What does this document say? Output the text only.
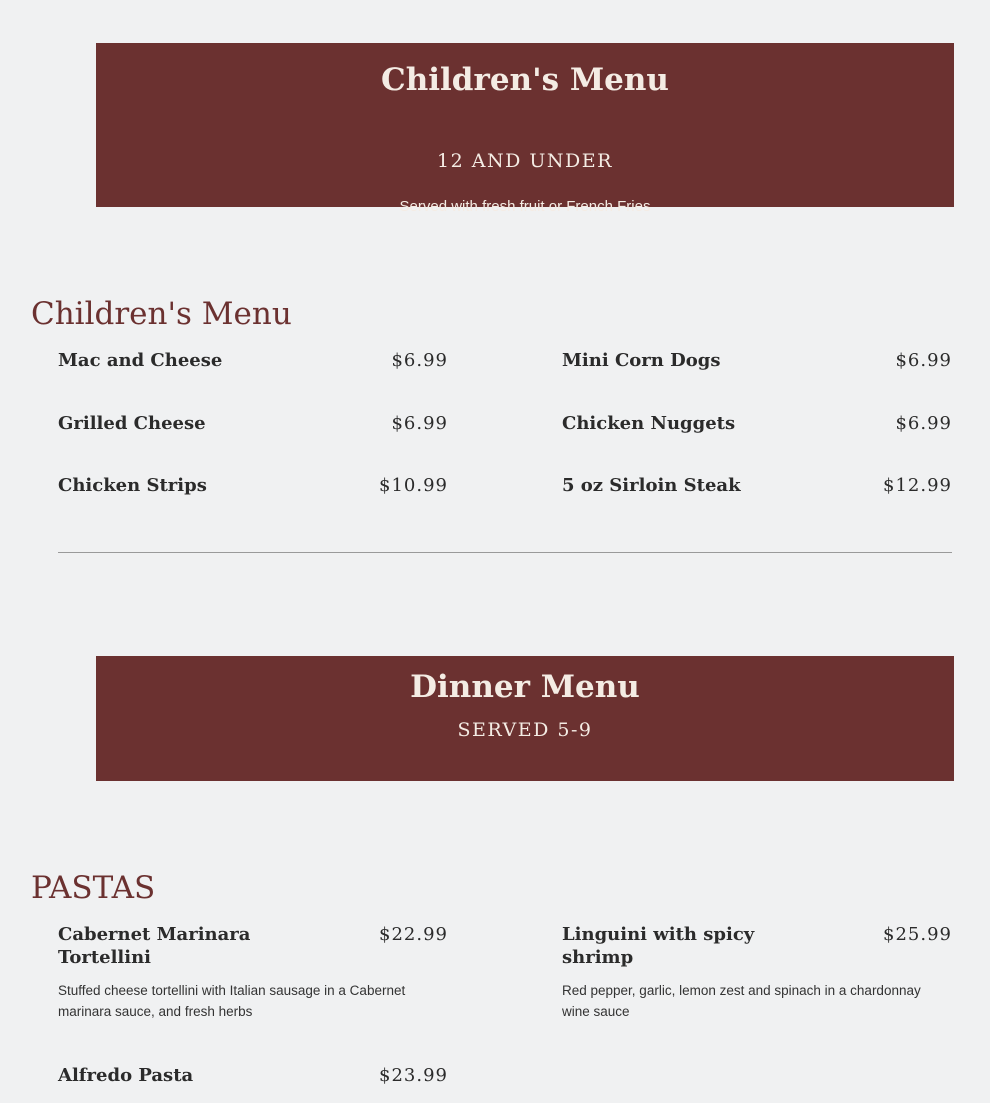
Children's Menu
12 AND UNDER
Served with fresh fruit or French Fries
Children's Menu
Mac and Cheese	$6.99	Mini Corn Dogs	$6.99
Grilled Cheese	$6.99	Chicken Nuggets	$6.99
Chicken Strips	$10.99	5 oz Sirloin Steak	$12.99
Dinner Menu
SERVED 5-9
PASTAS
Cabernet Marinara Tortellini
$22.99
Stuffed cheese tortellini with Italian sausage in a Cabernet marinara sauce, and fresh herbs
Linguini with spicy shrimp
$25.99
Red pepper, garlic, lemon zest and spinach in a chardonnay wine sauce
Alfredo Pasta	$23.99
